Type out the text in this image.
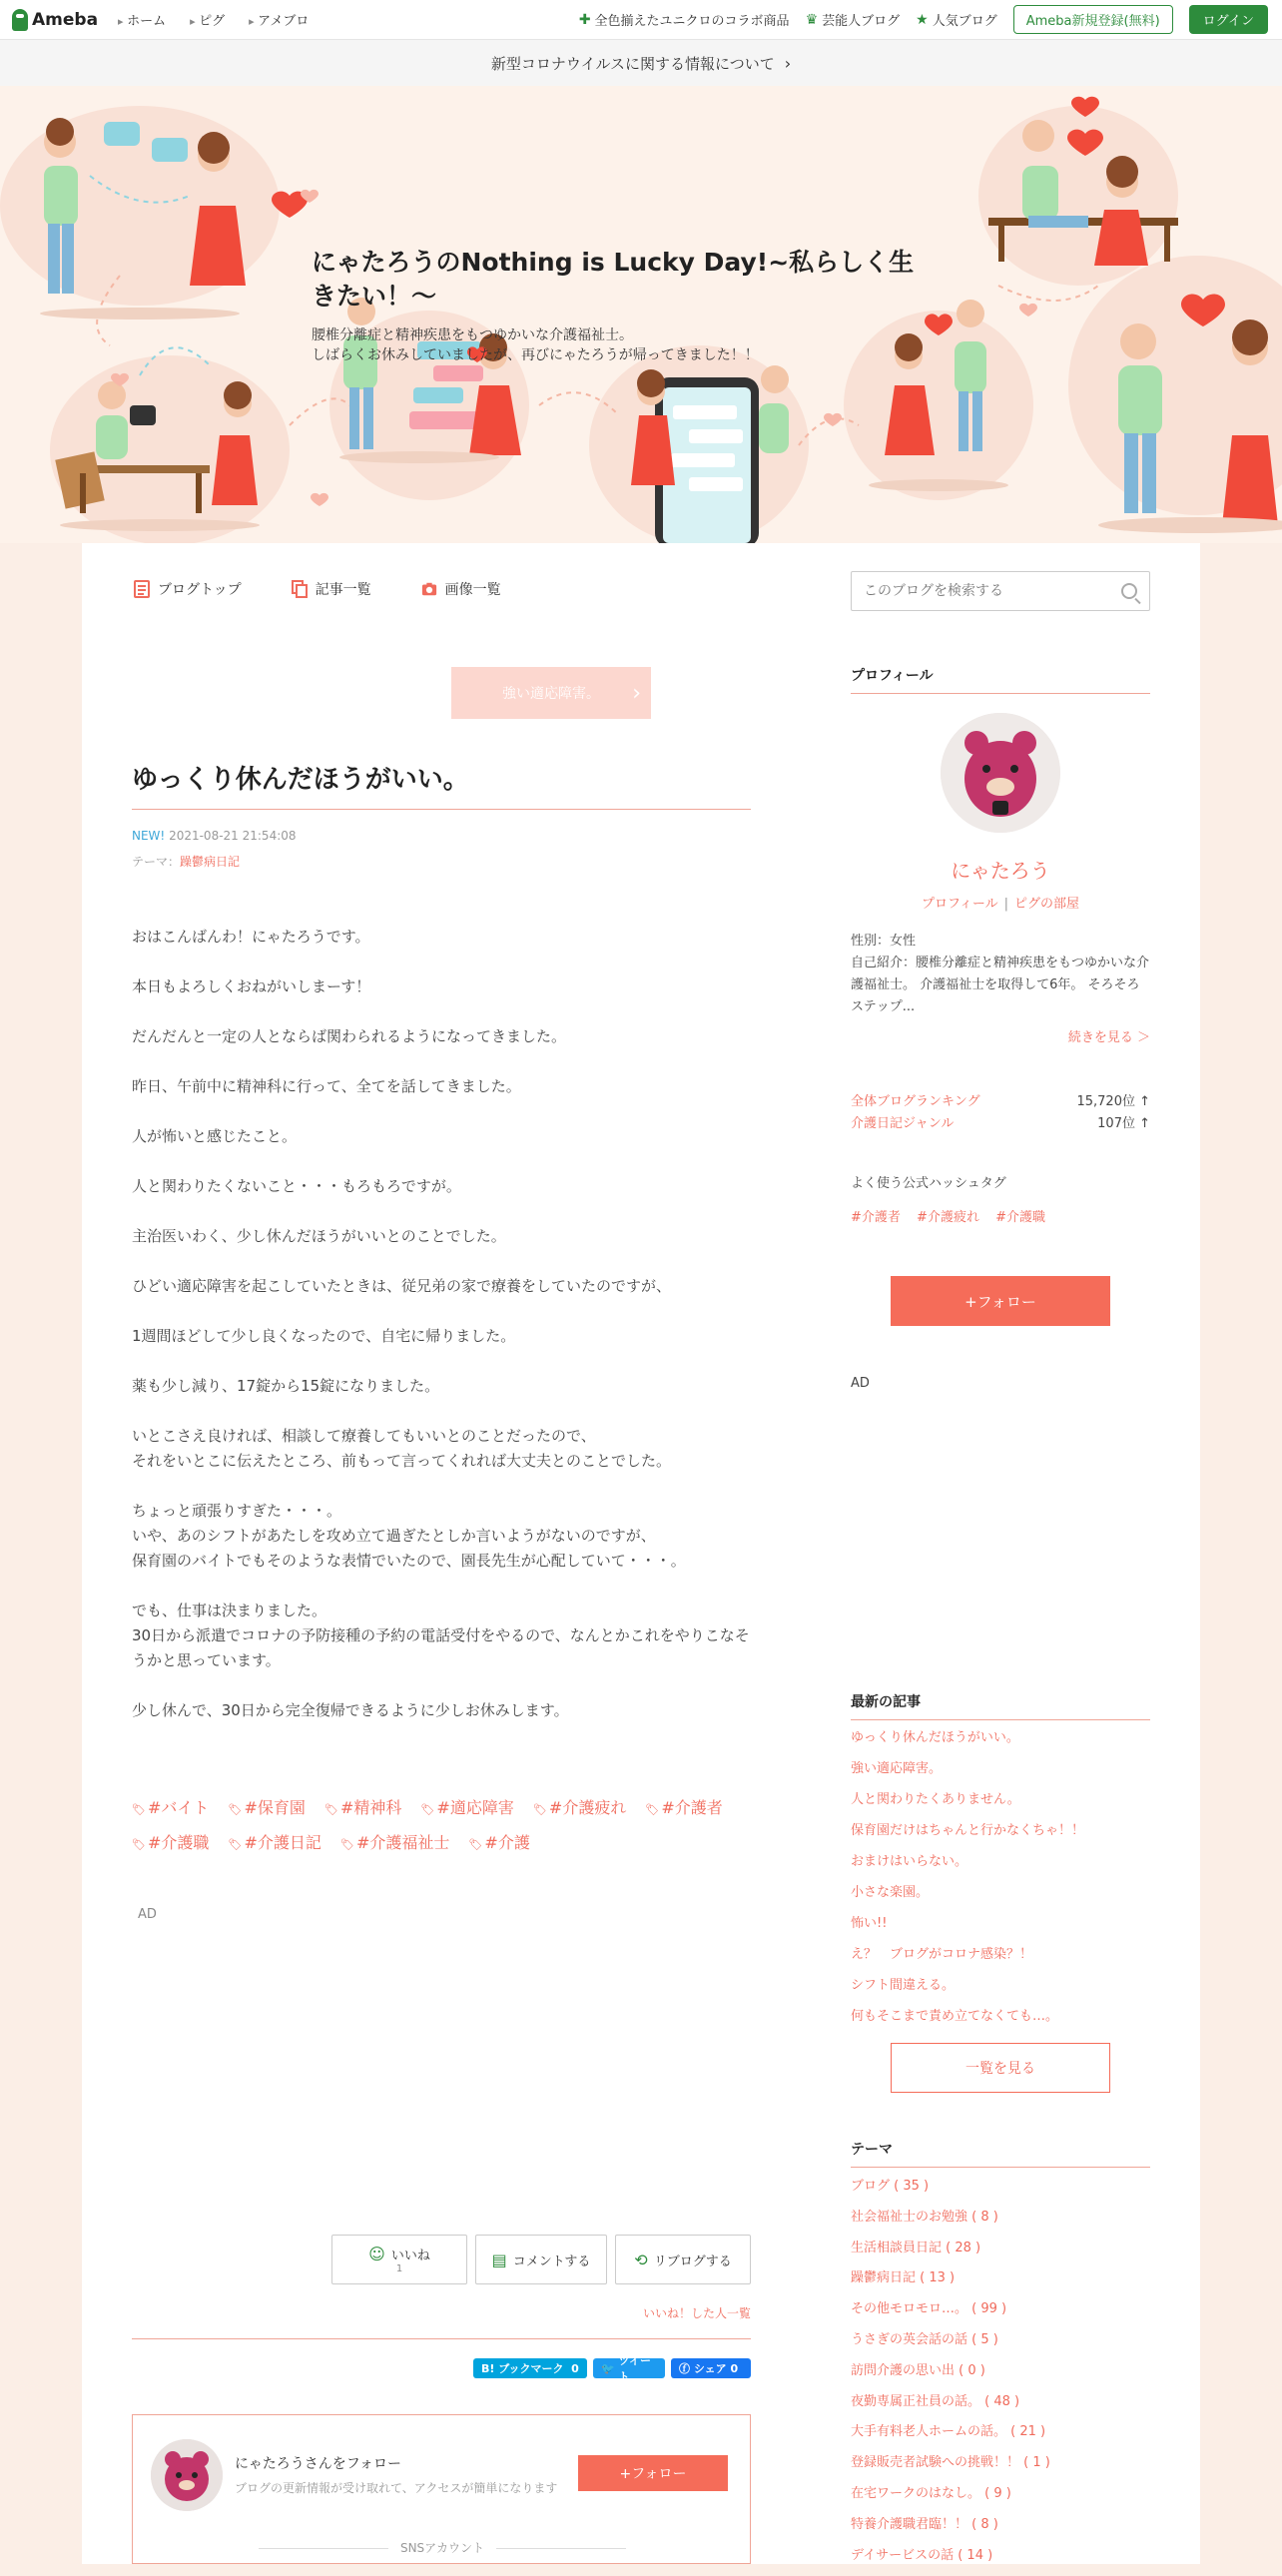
Ameba	▸ ホーム	▸ ピグ	▸ アメブロ	✚ 全色揃えたユニクロのコラボ商品 ♛ 芸能人ブログ ★ 人気ブログ	Ameba新規登録(無料)	ログイン
新型コロナウイルスに関する情報について ›
にゃたろうのNothing is Lucky Day!~私らしく生きたい！〜
腰椎分離症と精神疾患をもつゆかいな介護福祉士。
しばらくお休みしていましたが、再びにゃたろうが帰ってきました！！
ブログトップ	記事一覧	画像一覧
このブログを検索する
強い適応障害。 ›
ゆっくり休んだほうがいい。
NEW! 2021-08-21 21:54:08
テーマ：躁鬱病日記

おはこんばんわ！にゃたろうです。

本日もよろしくおねがいしまーす！

だんだんと一定の人とならば関わられるようになってきました。

昨日、午前中に精神科に行って、全てを話してきました。

人が怖いと感じたこと。

人と関わりたくないこと・・・もろもろですが。

主治医いわく、少し休んだほうがいいとのことでした。

ひどい適応障害を起こしていたときは、従兄弟の家で療養をしていたのですが、

1週間ほどして少し良くなったので、自宅に帰りました。

薬も少し減り、17錠から15錠になりました。

いとこさえ良ければ、相談して療養してもいいとのことだったので、
それをいとこに伝えたところ、前もって言ってくれれば大丈夫とのことでした。

ちょっと頑張りすぎた・・・。
いや、あのシフトがあたしを攻め立て過ぎたとしか言いようがないのですが、
保育園のバイトでもそのような表情でいたので、園長先生が心配していて・・・。

でも、仕事は決まりました。
30日から派遣でコロナの予防接種の予約の電話受付をやるので、なんとかこれをやりこなそうかと思っています。

少し休んで、30日から完全復帰できるように少しお休みします。

🏷 #バイト 🏷 #保育園 🏷 #精神科 🏷 #適応障害 🏷 #介護疲れ 🏷 #介護者 🏷 #介護職 🏷 #介護日記 🏷 #介護福祉士 🏷 #介護
AD
☺ いいね
1	▤ コメントする	⟲ リブログする
いいね！した人一覧
B! ブックマーク
0 🐦

ツイート
ⓕ
シェア
0
にゃたろうさんをフォロー
ブログの更新情報が受け取れて、アクセスが簡単になります
+フォロー
SNSアカウント
プロフィール
にゃたろう
プロフィール | ピグの部屋
性別：女性
自己紹介：腰椎分離症と精神疾患をもつゆかいな介護福祉士。 介護福祉士を取得して6年。 そろそろステップ...
続きを見る ＞
全体ブログランキング	15,720位 ↑
介護日記ジャンル	107位 ↑
よく使う公式ハッシュタグ
#介護者 #介護疲れ #介護職
+フォロー
AD
最新の記事
ゆっくり休んだほうがいい。
強い適応障害。
人と関わりたくありません。
保育園だけはちゃんと行かなくちゃ！！
おまけはいらない。
小さな楽園。
怖い!!
え？　ブログがコロナ感染？！
シフト間違える。
何もそこまで責め立てなくても…。
一覧を見る
テーマ
ブログ ( 35 )
社会福祉士のお勉強 ( 8 )
生活相談員日記 ( 28 )
躁鬱病日記 ( 13 )
その他モロモロ…。 ( 99 )
うさぎの英会話の話 ( 5 )
訪問介護の思い出 ( 0 )
夜勤専属正社員の話。 ( 48 )
大手有料老人ホームの話。 ( 21 )
登録販売者試験への挑戦！！ ( 1 )
在宅ワークのはなし。 ( 9 )
特養介護職君臨！！ ( 8 )
デイサービスの話 ( 14 )
